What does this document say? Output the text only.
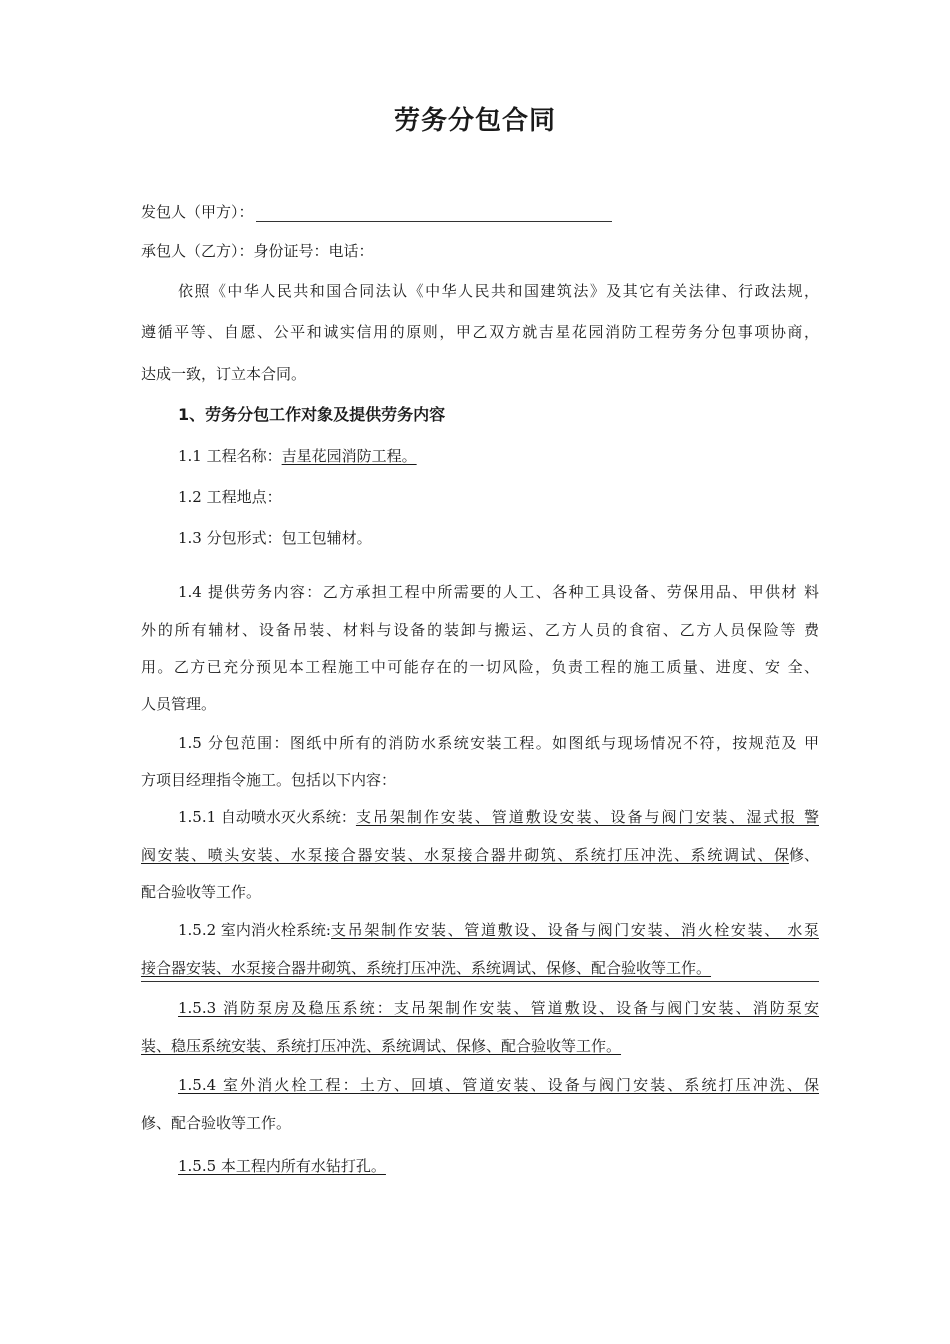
劳务分包合同
发包人（甲方）：
承包人（乙方）：身份证号：电话：
依照《中华人民共和国合同法认《中华人民共和国建筑法》及其它有关法律、行政法规，
遵循平等、自愿、公平和诚实信用的原则，甲乙双方就吉星花园消防工程劳务分包事项协商，
达成一致，订立本合同。
1、劳务分包工作对象及提供劳务内容
1.1 工程名称：吉星花园消防工程。
1.2 工程地点：
1.3 分包形式：包工包辅材。
1.4 提供劳务内容：乙方承担工程中所需要的人工、各种工具设备、劳保用品、甲供材 料
外的所有辅材、设备吊装、材料与设备的装卸与搬运、乙方人员的食宿、乙方人员保险等 费
用。乙方已充分预见本工程施工中可能存在的一切风险，负责工程的施工质量、进度、安 全、
人员管理。
1.5 分包范围：图纸中所有的消防水系统安装工程。如图纸与现场情况不符，按规范及 甲
方项目经理指令施工。包括以下内容：
1.5.1 自动喷水灭火系统： 支吊架制作安装、管道敷设安装、设备与阀门安装、湿式报 警
阀安装、喷头安装、水泵接合器安装、水泵接合器井砌筑、系统打压冲洗、系统调试、保 修、
配合验收等工作。
1.5.2 室内消火栓系统: 支吊架制作安装、管道敷设、设备与阀门安装、消火栓安装、 水泵
接合器安装、水泵接合器井砌筑、系统打压冲洗、系统调试、保修、配合验收等工作。
1.5.3 消防泵房及稳压系统：支吊架制作安装、管道敷设、设备与阀门安装、消防泵安
装、稳压系统安装、系统打压冲洗、系统调试、保修、配合验收等工作。
1.5.4 室外消火栓工程：土方、回填、管道安装、设备与阀门安装、系统打压冲洗、保
修、配合验收等工作。
1.5.5 本工程内所有水钻打孔。
